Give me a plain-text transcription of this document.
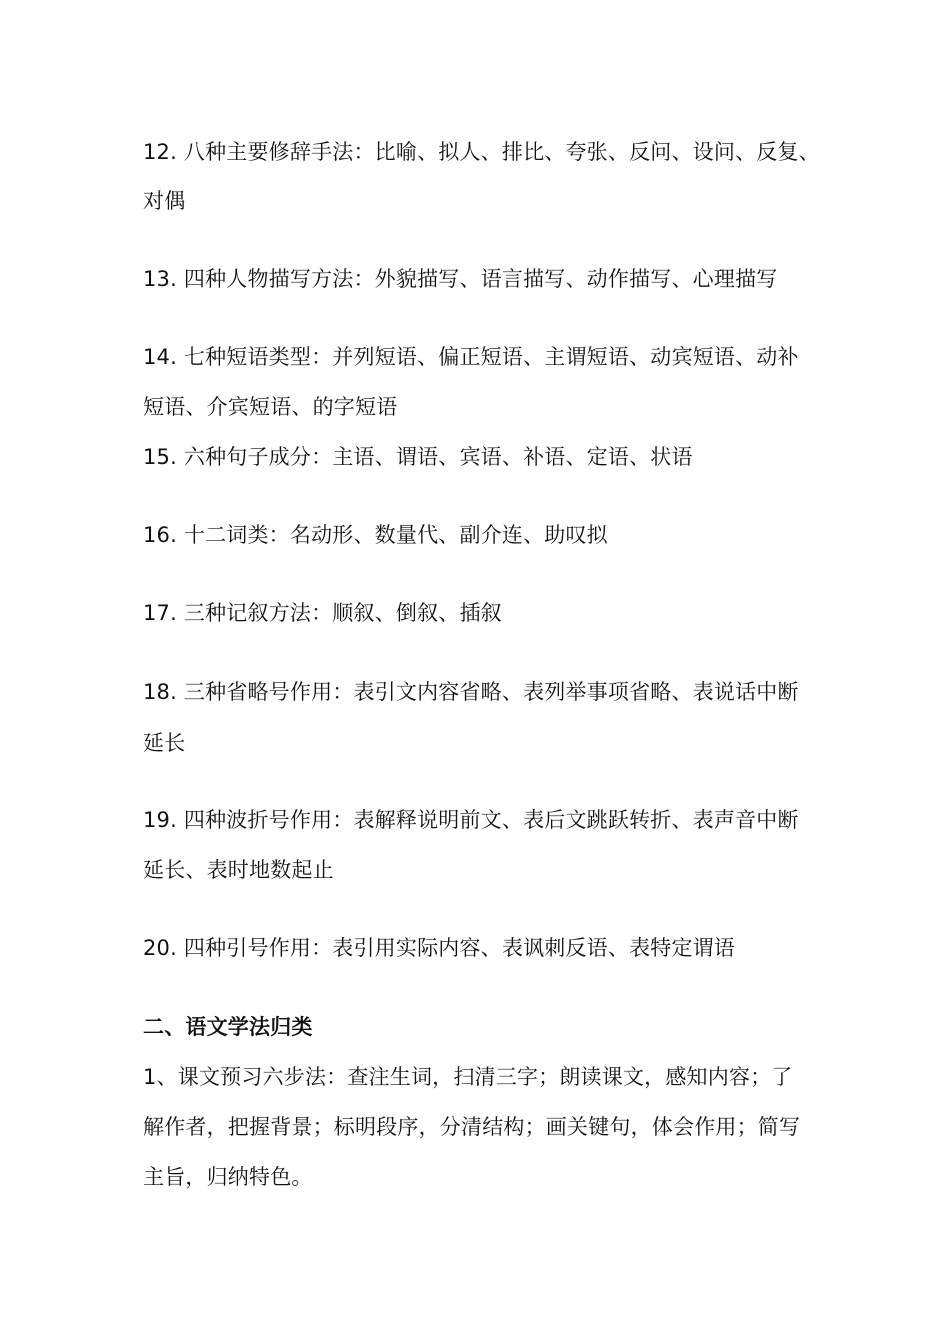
12. 八种主要修辞手法：比喻、拟人、排比、夸张、反问、设问、反复、
对偶
13. 四种人物描写方法：外貌描写、语言描写、动作描写、心理描写
14. 七种短语类型：并列短语、偏正短语、主谓短语、动宾短语、动补
短语、介宾短语、的字短语
15. 六种句子成分：主语、谓语、宾语、补语、定语、状语
16. 十二词类：名动形、数量代、副介连、助叹拟
17. 三种记叙方法：顺叙、倒叙、插叙
18. 三种省略号作用：表引文内容省略、表列举事项省略、表说话中断
延长
19. 四种波折号作用：表解释说明前文、表后文跳跃转折、表声音中断
延长、表时地数起止
20. 四种引号作用：表引用实际内容、表讽刺反语、表特定谓语
二、语文学法归类
1、课文预习六步法：查注生词，扫清三字；朗读课文，感知内容；了
解作者，把握背景；标明段序，分清结构；画关键句，体会作用；简写
主旨，归纳特色。
